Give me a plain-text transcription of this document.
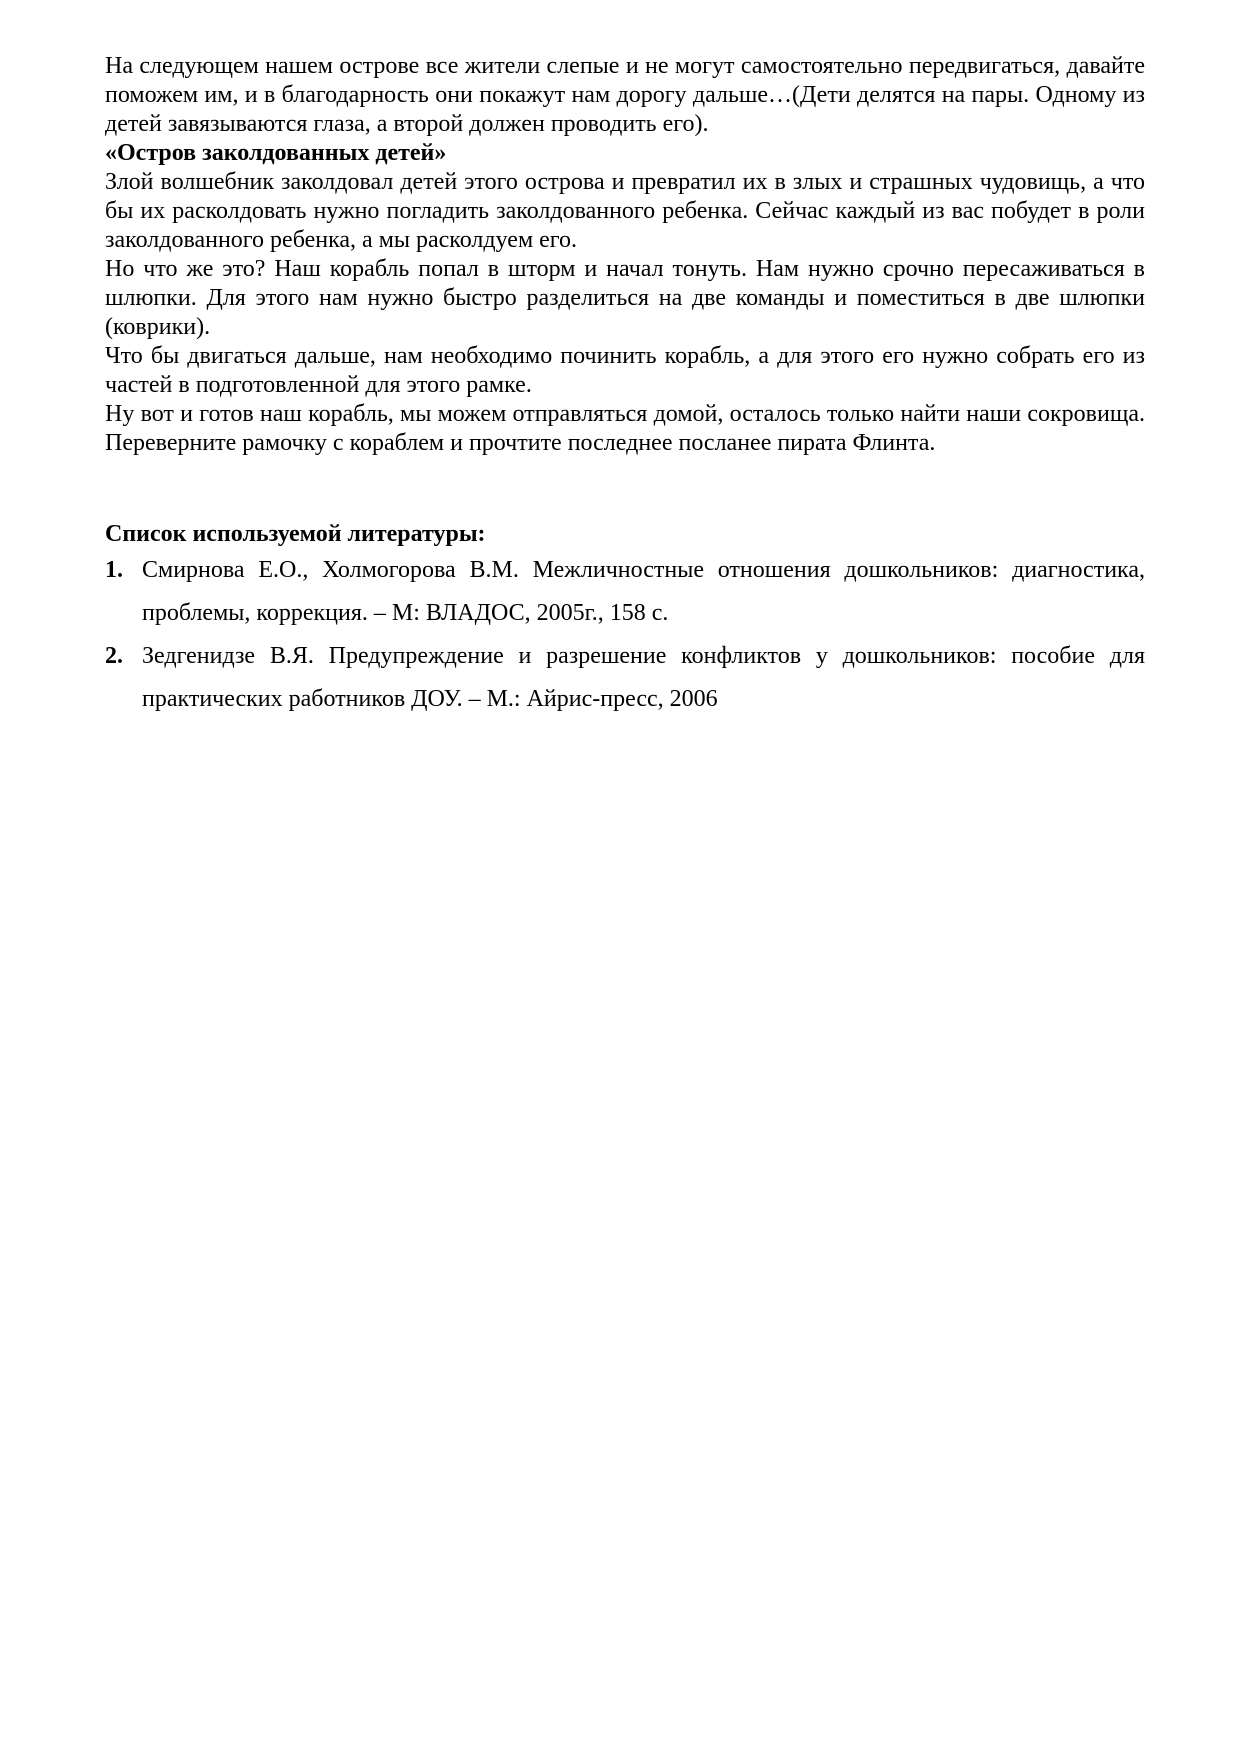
На следующем нашем острове все жители слепые и не могут самостоятельно передвигаться, давайте поможем им, и в благодарность они покажут нам дорогу дальше…(Дети делятся на пары. Одному из детей завязываются глаза, а второй должен проводить его).

«Остров заколдованных детей»

Злой волшебник заколдовал детей этого острова и превратил их в злых и страшных чудовищь, а что бы их расколдовать нужно погладить заколдованного ребенка. Сейчас каждый из вас побудет в роли заколдованного ребенка, а мы расколдуем его.

Но что же это? Наш корабль попал в шторм и начал тонуть. Нам нужно срочно пересаживаться в шлюпки. Для этого нам нужно быстро разделиться на две команды и поместиться в две шлюпки (коврики).

Что бы двигаться дальше, нам необходимо починить корабль, а для этого его нужно собрать его из частей в подготовленной для этого рамке.

Ну вот и готов наш корабль, мы можем отправляться домой, осталось только найти наши сокровища. Переверните рамочку с кораблем и прочтите последнее посланее пирата Флинта.

Список используемой литературы:
1. Смирнова Е.О., Холмогорова В.М. Межличностные отношения дошкольников: диагностика, проблемы, коррекция. – М: ВЛАДОС, 2005г., 158 с.
2. Зедгенидзе В.Я. Предупреждение и разрешение конфликтов у дошкольников: пособие для практических работников ДОУ. – М.: Айрис-пресс, 2006
